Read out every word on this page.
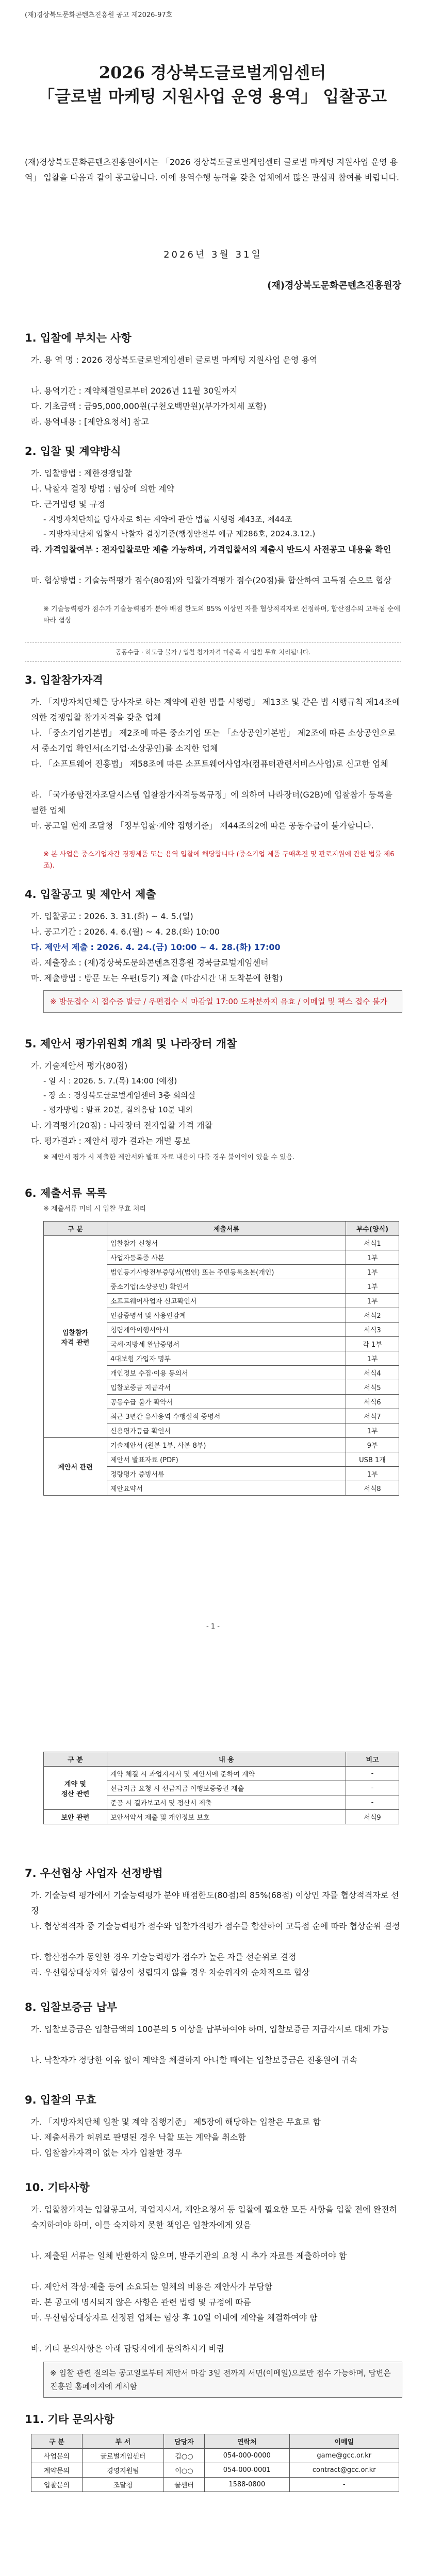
(재)경상북도문화콘텐츠진흥원 공고 제2026-97호
2026 경상북도글로벌게임센터
「글로벌 마케팅 지원사업 운영 용역」 입찰공고
(재)경상북도문화콘텐츠진흥원에서는 「2026 경상북도글로벌게임센터 글로벌 마케팅 지원사업 운영 용역」 입찰을 다음과 같이 공고합니다. 이에 용역수행 능력을 갖춘 업체에서 많은 관심과 참여를 바랍니다.
2026년 3월 31일
(재)경상북도문화콘텐츠진흥원장
1. 입찰에 부치는 사항
가. 용 역 명 : 2026 경상북도글로벌게임센터 글로벌 마케팅 지원사업 운영 용역
나. 용역기간 : 계약체결일로부터 2026년 11월 30일까지
다. 기초금액 : 금95,000,000원(구천오백만원)(부가가치세 포함)
라. 용역내용 : [제안요청서] 참고
2. 입찰 및 계약방식
가. 입찰방법 : 제한경쟁입찰
나. 낙찰자 결정 방법 : 협상에 의한 계약
다. 근거법령 및 규정
- 지방자치단체를 당사자로 하는 계약에 관한 법률 시행령 제43조, 제44조
- 지방자치단체 입찰시 낙찰자 결정기준(행정안전부 예규 제286호, 2024.3.12.)
라. 가격입찰여부 : 전자입찰로만 제출 가능하며, 가격입찰서의 제출시 반드시 사전공고 내용을 확인
마. 협상방법 : 기술능력평가 점수(80점)와 입찰가격평가 점수(20점)를 합산하여 고득점 순으로 협상
※ 기술능력평가 점수가 기술능력평가 분야 배점 한도의 85% 이상인 자를 협상적격자로 선정하며, 합산점수의 고득점 순에 따라 협상
공동수급 · 하도급 불가 / 입찰 참가자격 미충족 시 입찰 무효 처리됩니다.
3. 입찰참가자격
가. 「지방자치단체를 당사자로 하는 계약에 관한 법률 시행령」 제13조 및 같은 법 시행규칙 제14조에 의한 경쟁입찰 참가자격을 갖춘 업체
나. 「중소기업기본법」 제2조에 따른 중소기업 또는 「소상공인기본법」 제2조에 따른 소상공인으로서 중소기업 확인서(소기업·소상공인)를 소지한 업체
다. 「소프트웨어 진흥법」 제58조에 따른 소프트웨어사업자(컴퓨터관련서비스사업)로 신고한 업체
라. 「국가종합전자조달시스템 입찰참가자격등록규정」에 의하여 나라장터(G2B)에 입찰참가 등록을 필한 업체
마. 공고일 현재 조달청 「정부입찰·계약 집행기준」 제44조의2에 따른 공동수급이 불가합니다.
※ 본 사업은 중소기업자간 경쟁제품 또는 용역 입찰에 해당합니다 (중소기업 제품 구매촉진 및 판로지원에 관한 법률 제6조).
4. 입찰공고 및 제안서 제출
가. 입찰공고 : 2026. 3. 31.(화) ~ 4. 5.(일)
나. 공고기간 : 2026. 4. 6.(월) ~ 4. 28.(화) 10:00
다. 제안서 제출 : 2026. 4. 24.(금) 10:00 ~ 4. 28.(화) 17:00
라. 제출장소 : (재)경상북도문화콘텐츠진흥원 경북글로벌게임센터
마. 제출방법 : 방문 또는 우편(등기) 제출 (마감시간 내 도착분에 한함)
※ 방문접수 시 접수증 발급 / 우편접수 시 마감일 17:00 도착분까지 유효 / 이메일 및 팩스 접수 불가
5. 제안서 평가위원회 개최 및 나라장터 개찰
가. 기술제안서 평가(80점)
- 일 시 : 2026. 5. 7.(목) 14:00 (예정)
- 장 소 : 경상북도글로벌게임센터 3층 회의실
- 평가방법 : 발표 20분, 질의응답 10분 내외
나. 가격평가(20점) : 나라장터 전자입찰 가격 개찰
다. 평가결과 : 제안서 평가 결과는 개별 통보
※ 제안서 평가 시 제출한 제안서와 발표 자료 내용이 다를 경우 불이익이 있을 수 있음.
6. 제출서류 목록
※ 제출서류 미비 시 입찰 무효 처리
구 분	제출서류	부수(양식)
입찰참가
자격 관련	입찰참가 신청서	서식1
	사업자등록증 사본	1부
	법인등기사항전부증명서(법인) 또는 주민등록초본(개인)	1부
	중소기업(소상공인) 확인서	1부
	소프트웨어사업자 신고확인서	1부
	인감증명서 및 사용인감계	서식2
	청렴계약이행서약서	서식3
	국세·지방세 완납증명서	각 1부
	4대보험 가입자 명부	1부
	개인정보 수집·이용 동의서	서식4
	입찰보증금 지급각서	서식5
	공동수급 불가 확약서	서식6
	최근 3년간 유사용역 수행실적 증명서	서식7
	신용평가등급 확인서	1부
제안서 관련	기술제안서 (원본 1부, 사본 8부)	9부
	제안서 발표자료 (PDF)	USB 1개
	정량평가 증빙서류	1부
	제안요약서	서식8
- 1 -
구 분	내 용	비고
계약 및
정산 관련	계약 체결 시 과업지시서 및 제안서에 준하여 계약	-
	선금지급 요청 시 선금지급 이행보증증권 제출	-
	준공 시 결과보고서 및 정산서 제출	-
보안 관련	보안서약서 제출 및 개인정보 보호	서식9
7. 우선협상 사업자 선정방법
가. 기술능력 평가에서 기술능력평가 분야 배점한도(80점)의 85%(68점) 이상인 자를 협상적격자로 선정
나. 협상적격자 중 기술능력평가 점수와 입찰가격평가 점수를 합산하여 고득점 순에 따라 협상순위 결정
다. 합산점수가 동일한 경우 기술능력평가 점수가 높은 자를 선순위로 결정
라. 우선협상대상자와 협상이 성립되지 않을 경우 차순위자와 순차적으로 협상
8. 입찰보증금 납부
가. 입찰보증금은 입찰금액의 100분의 5 이상을 납부하여야 하며, 입찰보증금 지급각서로 대체 가능
나. 낙찰자가 정당한 이유 없이 계약을 체결하지 아니할 때에는 입찰보증금은 진흥원에 귀속
9. 입찰의 무효
가. 「지방자치단체 입찰 및 계약 집행기준」 제5장에 해당하는 입찰은 무효로 함
나. 제출서류가 허위로 판명된 경우 낙찰 또는 계약을 취소함
다. 입찰참가자격이 없는 자가 입찰한 경우
10. 기타사항
가. 입찰참가자는 입찰공고서, 과업지시서, 제안요청서 등 입찰에 필요한 모든 사항을 입찰 전에 완전히 숙지하여야 하며, 이를 숙지하지 못한 책임은 입찰자에게 있음
나. 제출된 서류는 일체 반환하지 않으며, 발주기관의 요청 시 추가 자료를 제출하여야 함
다. 제안서 작성·제출 등에 소요되는 일체의 비용은 제안사가 부담함
라. 본 공고에 명시되지 않은 사항은 관련 법령 및 규정에 따름
마. 우선협상대상자로 선정된 업체는 협상 후 10일 이내에 계약을 체결하여야 함
바. 기타 문의사항은 아래 담당자에게 문의하시기 바람
※ 입찰 관련 질의는 공고일로부터 제안서 마감 3일 전까지 서면(이메일)으로만 접수 가능하며, 답변은 진흥원 홈페이지에 게시함
11. 기타 문의사항
구 분	부 서	담당자	연락처	이메일
사업문의	글로벌게임센터	김○○	054-000-0000	game@gcc.or.kr
계약문의	경영지원팀	이○○	054-000-0001	contract@gcc.or.kr
입찰문의	조달청	콜센터	1588-0800	-
